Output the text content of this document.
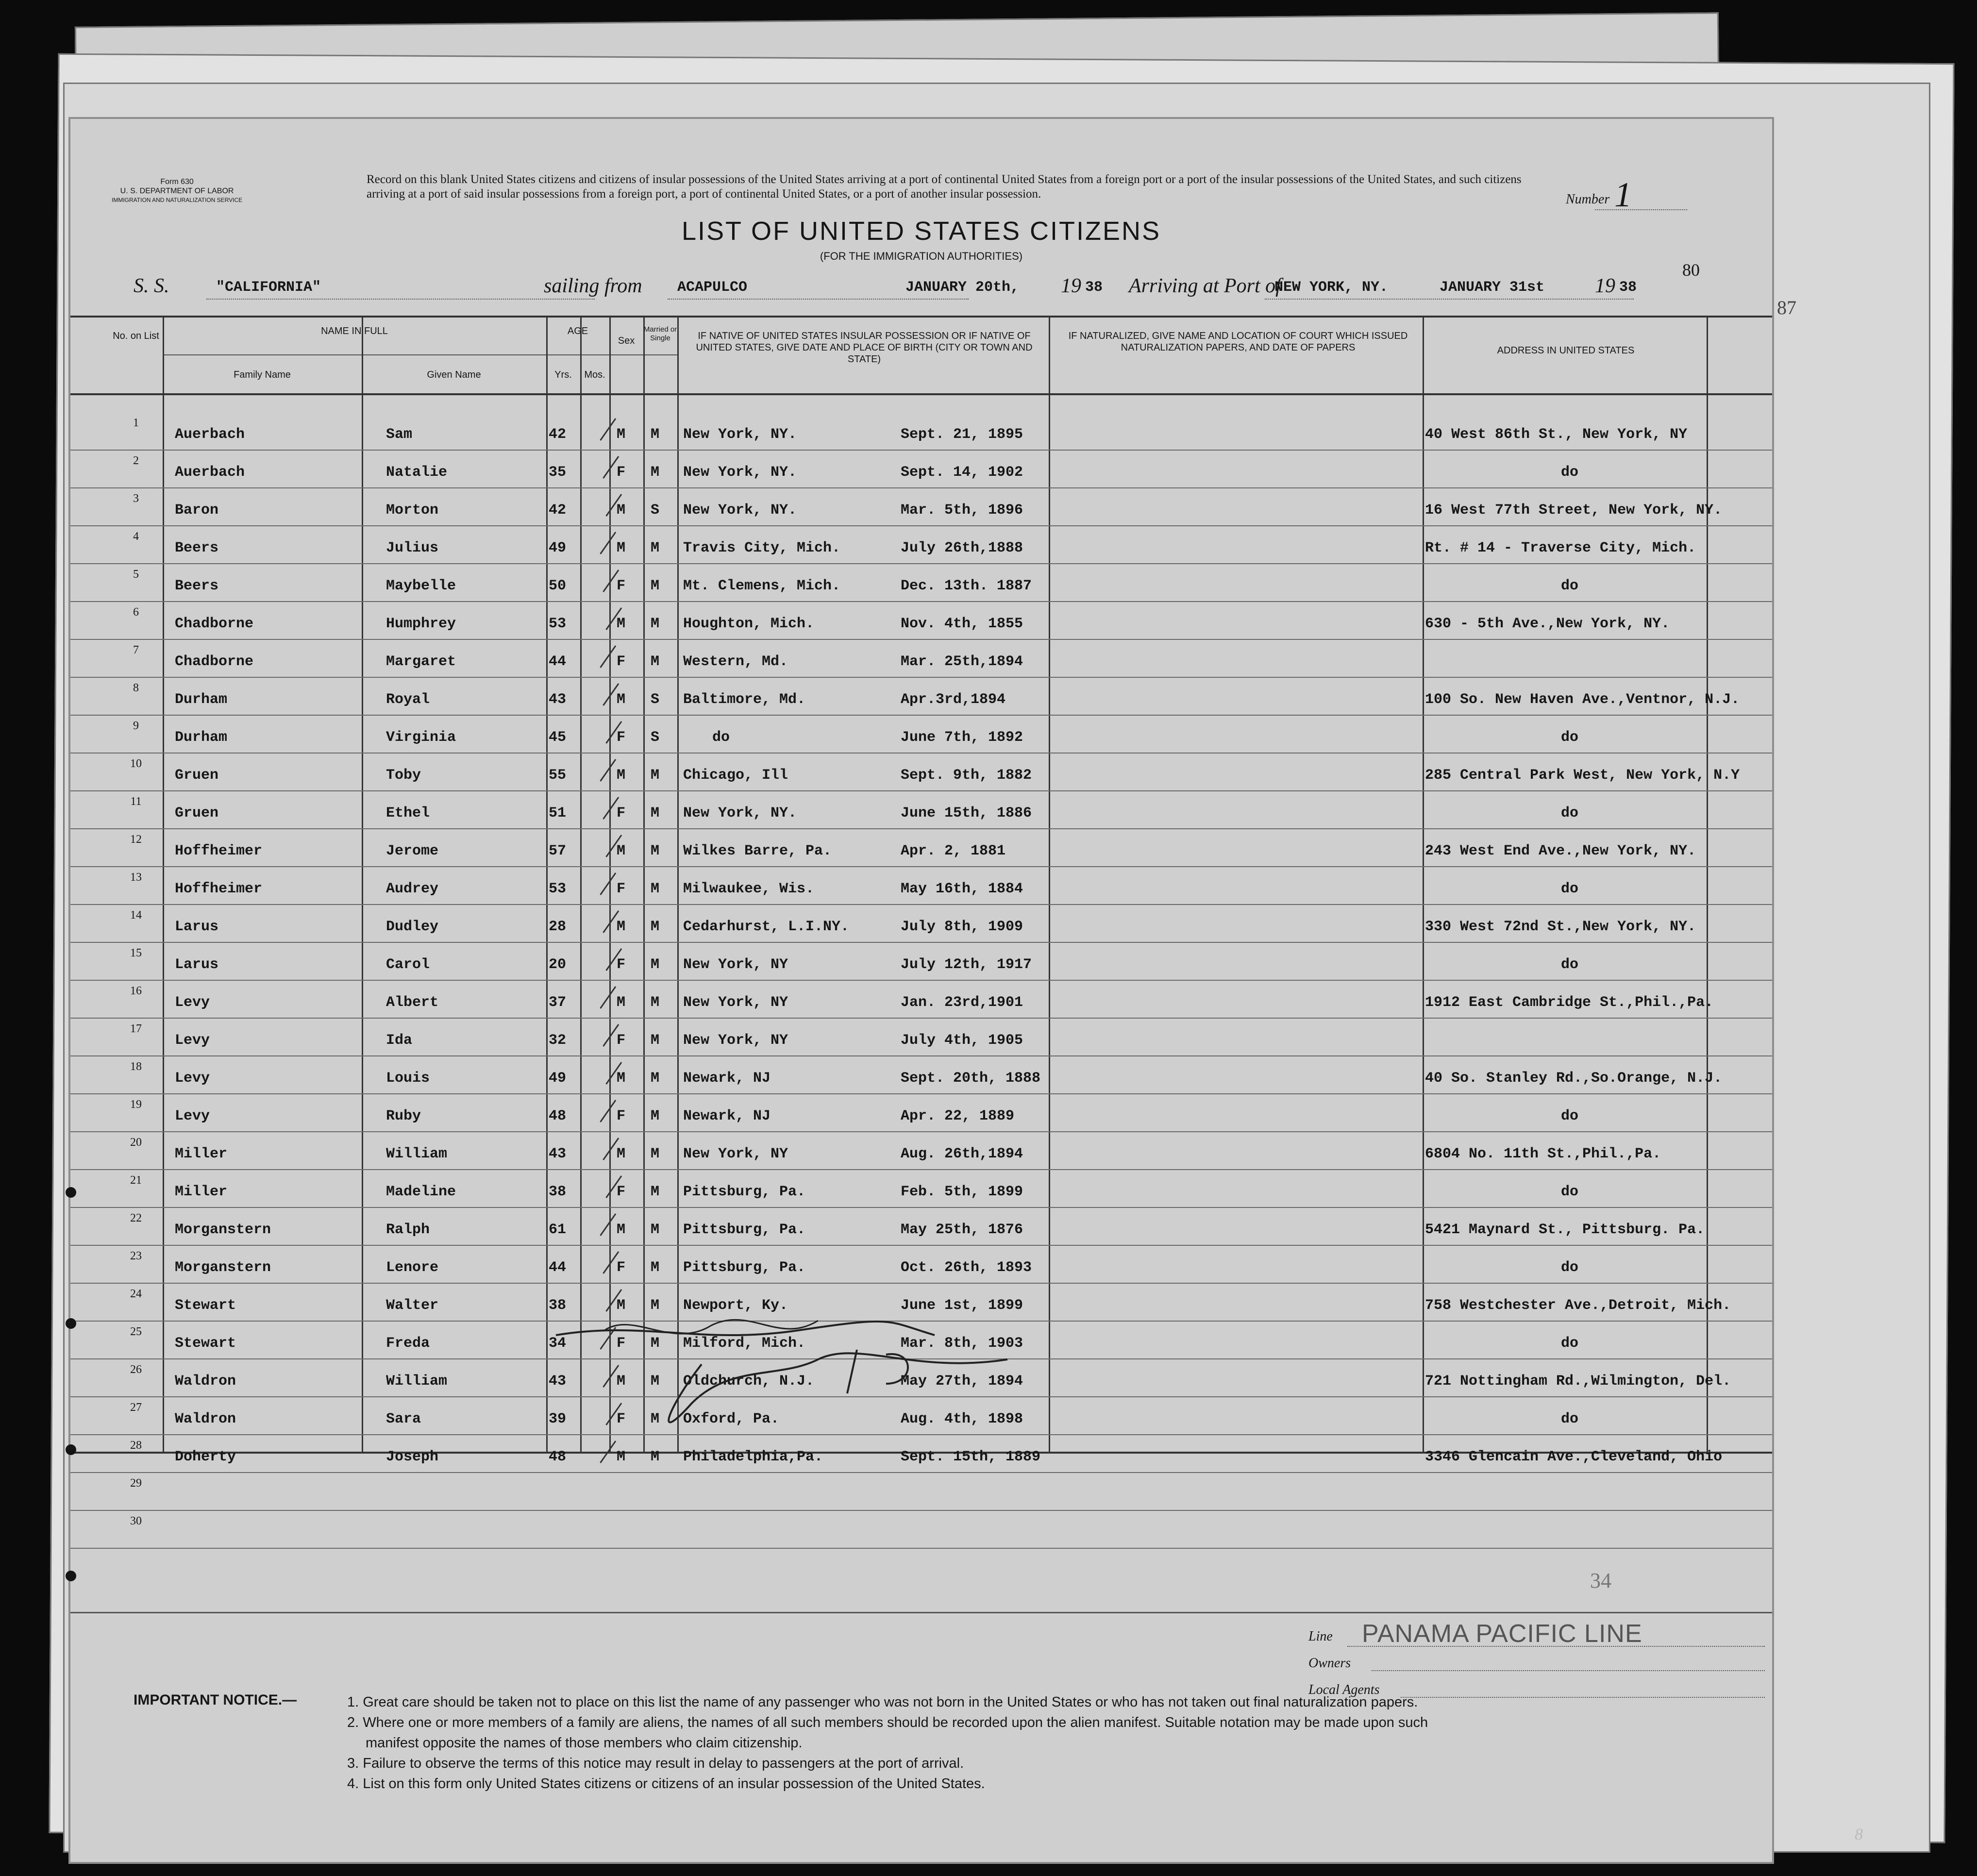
87
8
Form 630
U. S. DEPARTMENT OF LABOR
IMMIGRATION AND NATURALIZATION SERVICE
Record on this blank United States citizens and citizens of insular possessions of the United States arriving at a port of continental United States from a foreign port or a port of the insular possessions of the United States, and such citizens arriving at a port of said insular possessions from a foreign port, a port of continental United States, or a port of another insular possession.	Number 1
LIST OF UNITED STATES CITIZENS
(FOR THE IMMIGRATION AUTHORITIES)
S. S.	"CALIFORNIA"	sailing from ACAPULCO	JANUARY 20th, 19 38 Arriving at Port of
NEW YORK, NY.	JANUARY 31st 19 38
80
No. on List	NAME IN FULL
Family Name	Given Name
AGE
Yrs.	Mos.
Sex
Married or Single	IF NATIVE OF UNITED STATES INSULAR POSSESSION OR IF NATIVE OF UNITED STATES, GIVE DATE AND PLACE OF BIRTH (CITY OR TOWN AND STATE)
IF NATURALIZED, GIVE NAME AND LOCATION OF COURT WHICH ISSUED NATURALIZATION PAPERS, AND DATE OF PAPERS	ADDRESS IN UNITED STATES
1
Auerbach	Sam	42	M	M	New York, NY.	Sept. 21, 1895	40 West 86th St., New York, NY
2
Auerbach	Natalie	35	F	M	New York, NY.	Sept. 14, 1902	do
3
Baron	Morton	42	M	S	New York, NY.	Mar. 5th, 1896	16 West 77th Street, New York, NY.
4
Beers	Julius	49	M	M	Travis City, Mich.	July 26th,1888	Rt. # 14 - Traverse City, Mich.
5
Beers	Maybelle	50	F	M	Mt. Clemens, Mich.	Dec. 13th. 1887	do
6
Chadborne	Humphrey	53	M	M	Houghton, Mich.	Nov. 4th, 1855	630 - 5th Ave.,New York, NY.
7
Chadborne	Margaret	44	F	M	Western, Md.	Mar. 25th,1894
8
Durham	Royal	43	M	S	Baltimore, Md.	Apr.3rd,1894	100 So. New Haven Ave.,Ventnor, N.J.
9
Durham	Virginia	45	F	S	do	June 7th, 1892	do
10
Gruen	Toby	55	M	M	Chicago, Ill	Sept. 9th, 1882	285 Central Park West, New York, N.Y
11
Gruen	Ethel	51	F	M	New York, NY.	June 15th, 1886	do
12
Hoffheimer	Jerome	57	M	M	Wilkes Barre, Pa.	Apr. 2, 1881	243 West End Ave.,New York, NY.
13
Hoffheimer	Audrey	53	F	M	Milwaukee, Wis.	May 16th, 1884	do
14
Larus	Dudley	28	M	M	Cedarhurst, L.I.NY.	July 8th, 1909	330 West 72nd St.,New York, NY.
15
Larus	Carol	20	F	M	New York, NY	July 12th, 1917	do
16
Levy	Albert	37	M	M	New York, NY	Jan. 23rd,1901	1912 East Cambridge St.,Phil.,Pa.
17
Levy	Ida	32	F	M	New York, NY	July 4th, 1905
18
Levy	Louis	49	M	M	Newark, NJ	Sept. 20th, 1888	40 So. Stanley Rd.,So.Orange, N.J.
19
Levy	Ruby	48	F	M	Newark, NJ	Apr. 22, 1889	do
20
Miller	William	43	M	M	New York, NY	Aug. 26th,1894	6804 No. 11th St.,Phil.,Pa.
21
Miller	Madeline	38	F	M	Pittsburg, Pa.	Feb. 5th, 1899	do
22
Morganstern	Ralph	61	M	M	Pittsburg, Pa.	May 25th, 1876	5421 Maynard St., Pittsburg. Pa.
23
Morganstern	Lenore	44	F	M	Pittsburg, Pa.	Oct. 26th, 1893	do
24
Stewart	Walter	38	M	M	Newport, Ky.	June 1st, 1899	758 Westchester Ave.,Detroit, Mich.
25
Stewart	Freda	34	F	M	Milford, Mich.	Mar. 8th, 1903	do
26
Waldron	William	43	M	M	Oldchurch, N.J.	May 27th, 1894	721 Nottingham Rd.,Wilmington, Del.
27
Waldron	Sara	39	F	M	Oxford, Pa.	Aug. 4th, 1898	do
28
Doherty	Joseph	48	M	M	Philadelphia,Pa.	Sept. 15th, 1889	3346 Glencain Ave.,Cleveland, Ohio
29
30
34
Line PANAMA PACIFIC LINE
Owners
Local Agents
IMPORTANT NOTICE.—	1. Great care should be taken not to place on this list the name of any passenger who was not born in the United States or who has not taken out final naturalization papers.
2. Where one or more members of a family are aliens, the names of all such members should be recorded upon the alien manifest. Suitable notation may be made upon such
manifest opposite the names of those members who claim citizenship.
3. Failure to observe the terms of this notice may result in delay to passengers at the port of arrival.
4. List on this form only United States citizens or citizens of an insular possession of the United States.
